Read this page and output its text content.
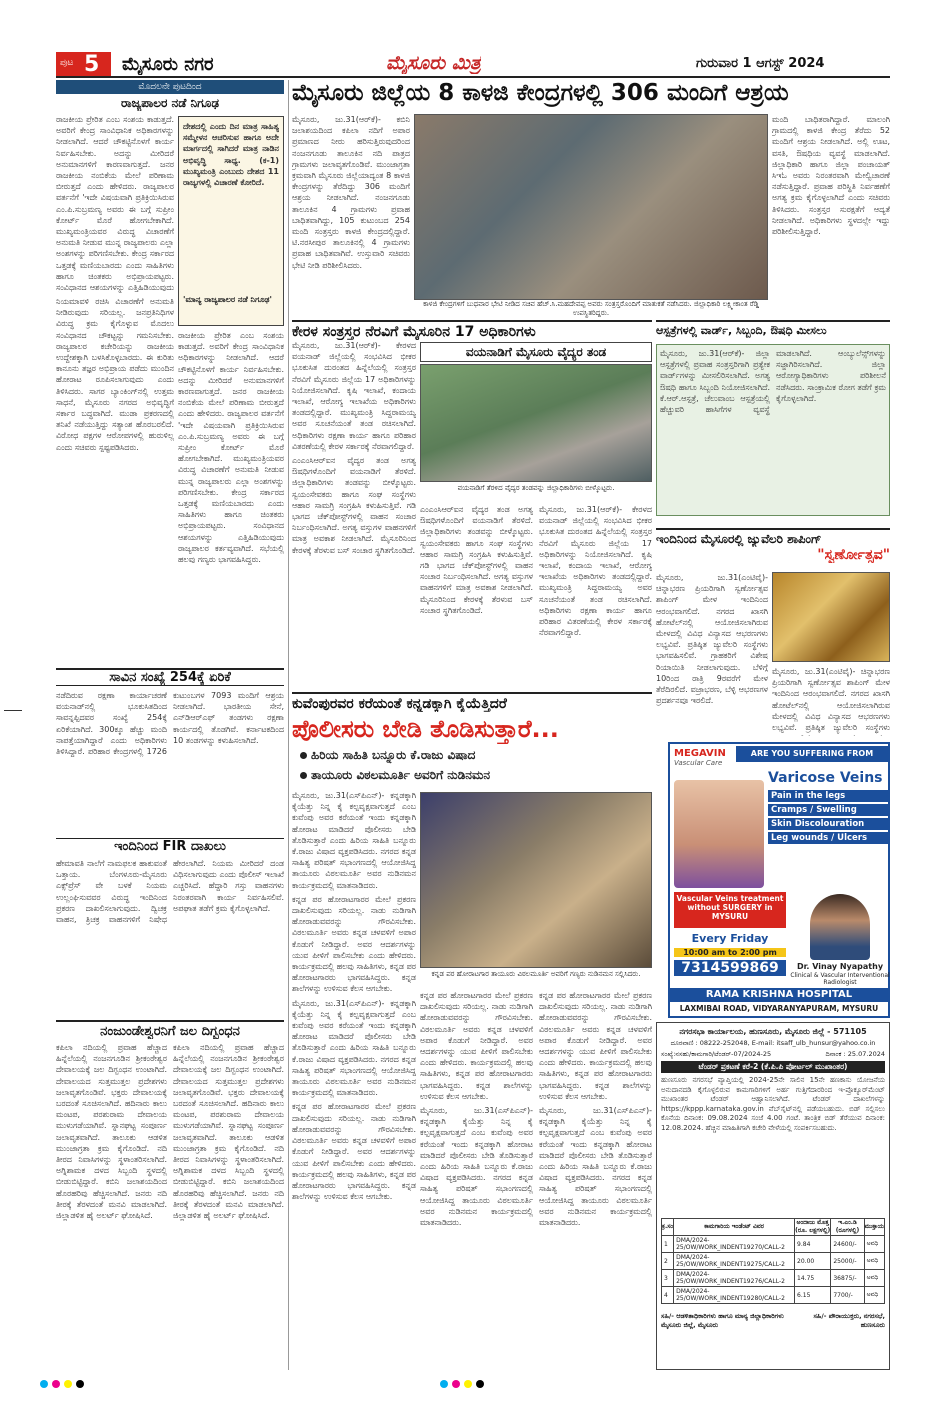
ಪುಟ 5 ಮೈಸೂರು ನಗರ	ಮೈಸೂರು ಮಿತ್ರ	ಗುರುವಾರ 1 ಆಗಸ್ಟ್ 2024
ಮೊದಲನೇ ಪುಟದಿಂದ
ರಾಜ್ಯಪಾಲರ ನಡೆ ನಿಗೂಢ

ರಾಜಕೀಯ ಪ್ರೇರಿತ ಎಂಬ ಸಂಶಯ ಕಾಡುತ್ತದೆ. ಅವರಿಗೆ ಕೇಂದ್ರ ಸಾಂವಿಧಾನಿಕ ಅಧಿಕಾರಗಳನ್ನು ನೀಡಲಾಗಿದೆ. ಆದರೆ ಚೌಕಟ್ಟಿನೊಳಗೆ ಕಾರ್ಯ ನಿರ್ವಹಿಸಬೇಕು. ಅದನ್ನು ಮೀರಿದರೆ ಅನುಮಾನಗಳಿಗೆ ಕಾರಣವಾಗುತ್ತದೆ. ಜನರ ರಾಜಕೀಯ ನಂಬಿಕೆಯ ಮೇಲೆ ಪರಿಣಾಮ ಬೀರುತ್ತದೆ ಎಂದು ಹೇಳಿದರು. ರಾಜ್ಯಪಾಲರ ವರ್ತನೆಗೆ 'ಇದೇ ವಿಷಯವಾಗಿ ಪ್ರತಿಕ್ರಿಯಿಸಿರುವ ಎಂ.ಪಿ.ಸುಬ್ರಮಣ್ಯ ಅವರು ಈ ಬಗ್ಗೆ ಸುಪ್ರೀಂ ಕೋರ್ಟ್ ಮೊರೆ ಹೋಗಬೇಕಾಗಿದೆ. ಮುಖ್ಯಮಂತ್ರಿಯವರ ವಿರುದ್ಧ ವಿಚಾರಣೆಗೆ ಅನುಮತಿ ನೀಡುವ ಮುನ್ನ ರಾಜ್ಯಪಾಲರು ಎಲ್ಲಾ ಅಂಶಗಳನ್ನು ಪರಿಗಣಿಸಬೇಕು. ಕೇಂದ್ರ ಸರ್ಕಾರದ ಒತ್ತಡಕ್ಕೆ ಮಣಿಯಬಾರದು ಎಂದು ಸಾಹಿತಿಗಳು ಹಾಗೂ ಚಿಂತಕರು ಅಭಿಪ್ರಾಯಪಟ್ಟರು. ಸಂವಿಧಾನದ ಆಶಯಗಳನ್ನು ಎತ್ತಿಹಿಡಿಯುವುದು

ದೇಶದಲ್ಲಿ ಎಂದು ದಿನ ಮಾತ್ರ ಸಾಹಿತ್ಯ ಸಮ್ಮೇಳನ ಆಚರಿಸುವ ಹಾಗೂ ಅದೇ ಮಾರ್ಗದಲ್ಲಿ ಸಾಗಿದರೆ ಮಾತ್ರ ನಾಡಿನ ಅಭಿವೃದ್ಧಿ ಸಾಧ್ಯ. (ಕ-1) ಮುಖ್ಯಮಂತ್ರಿ ಎಂಬುದು ದೇಶದ 11 ರಾಜ್ಯಗಳಲ್ಲಿ ವಿಚಾರಣೆ ಕೋರಿದೆ.
'ಮಾನ್ಯ ರಾಜ್ಯಪಾಲರ ನಡೆ ನಿಗೂಢ'

ನಿಯಮಾವಳಿ ರಚಿಸಿ ವಿಚಾರಣೆಗೆ ಅನುಮತಿ ನೀಡಿರುವುದು ಸರಿಯಲ್ಲ. ಜನಪ್ರತಿನಿಧಿಗಳ ವಿರುದ್ಧ ಕ್ರಮ ಕೈಗೊಳ್ಳುವ ಮೊದಲು ಸಂವಿಧಾನದ ಚೌಕಟ್ಟನ್ನು ಗಮನಿಸಬೇಕು. ರಾಜ್ಯಪಾಲರ ಕಚೇರಿಯನ್ನು ರಾಜಕೀಯ ಉದ್ದೇಶಕ್ಕಾಗಿ ಬಳಸಿಕೊಳ್ಳಬಾರದು. ಈ ಕುರಿತು ಕಾನೂನು ತಜ್ಞರ ಅಭಿಪ್ರಾಯ ಪಡೆದು ಮುಂದಿನ ಹೋರಾಟ ರೂಪಿಸಲಾಗುವುದು ಎಂದು ತಿಳಿಸಿದರು. ಸಾಗರ ಬ್ಯಾಂಕಿಂಗ್‌ನಲ್ಲಿ ಉತ್ತಮ ಸಾಧನೆ, ಮೈಸೂರು ನಗರದ ಅಭಿವೃದ್ಧಿಗೆ ಸರ್ಕಾರ ಬದ್ಧವಾಗಿದೆ. ಮುಡಾ ಪ್ರಕರಣದಲ್ಲಿ ತನಿಖೆ ನಡೆಯುತ್ತಿದ್ದು ಸತ್ಯಾಂಶ ಹೊರಬರಲಿದೆ. ವಿರೋಧ ಪಕ್ಷಗಳ ಆರೋಪಗಳಲ್ಲಿ ಹುರುಳಿಲ್ಲ ಎಂದು ಸಚಿವರು ಸ್ಪಷ್ಟಪಡಿಸಿದರು.

ರಾಜಕೀಯ ಪ್ರೇರಿತ ಎಂಬ ಸಂಶಯ ಕಾಡುತ್ತದೆ. ಅವರಿಗೆ ಕೇಂದ್ರ ಸಾಂವಿಧಾನಿಕ ಅಧಿಕಾರಗಳನ್ನು ನೀಡಲಾಗಿದೆ. ಆದರೆ ಚೌಕಟ್ಟಿನೊಳಗೆ ಕಾರ್ಯ ನಿರ್ವಹಿಸಬೇಕು. ಅದನ್ನು ಮೀರಿದರೆ ಅನುಮಾನಗಳಿಗೆ ಕಾರಣವಾಗುತ್ತದೆ. ಜನರ ರಾಜಕೀಯ ನಂಬಿಕೆಯ ಮೇಲೆ ಪರಿಣಾಮ ಬೀರುತ್ತದೆ ಎಂದು ಹೇಳಿದರು. ರಾಜ್ಯಪಾಲರ ವರ್ತನೆಗೆ 'ಇದೇ ವಿಷಯವಾಗಿ ಪ್ರತಿಕ್ರಿಯಿಸಿರುವ ಎಂ.ಪಿ.ಸುಬ್ರಮಣ್ಯ ಅವರು ಈ ಬಗ್ಗೆ ಸುಪ್ರೀಂ ಕೋರ್ಟ್ ಮೊರೆ ಹೋಗಬೇಕಾಗಿದೆ. ಮುಖ್ಯಮಂತ್ರಿಯವರ ವಿರುದ್ಧ ವಿಚಾರಣೆಗೆ ಅನುಮತಿ ನೀಡುವ ಮುನ್ನ ರಾಜ್ಯಪಾಲರು ಎಲ್ಲಾ ಅಂಶಗಳನ್ನು ಪರಿಗಣಿಸಬೇಕು. ಕೇಂದ್ರ ಸರ್ಕಾರದ ಒತ್ತಡಕ್ಕೆ ಮಣಿಯಬಾರದು ಎಂದು ಸಾಹಿತಿಗಳು ಹಾಗೂ ಚಿಂತಕರು ಅಭಿಪ್ರಾಯಪಟ್ಟರು. ಸಂವಿಧಾನದ ಆಶಯಗಳನ್ನು ಎತ್ತಿಹಿಡಿಯುವುದು ರಾಜ್ಯಪಾಲರ ಕರ್ತವ್ಯವಾಗಿದೆ. ಸಭೆಯಲ್ಲಿ ಹಲವು ಗಣ್ಯರು ಭಾಗವಹಿಸಿದ್ದರು.

ಸಾವಿನ ಸಂಖ್ಯೆ 254ಕ್ಕೆ ಏರಿಕೆ

ನಡೆದಿರುವ ರಕ್ಷಣಾ ಕಾರ್ಯಾಚರಣೆ ವಯನಾಡ್‌ನಲ್ಲಿ ಭೂಕುಸಿತದಿಂದ ಸಾವನ್ನಪ್ಪಿದವರ ಸಂಖ್ಯೆ 254ಕ್ಕೆ ಏರಿಕೆಯಾಗಿದೆ. 300ಕ್ಕೂ ಹೆಚ್ಚು ಮಂದಿ ನಾಪತ್ತೆಯಾಗಿದ್ದಾರೆ ಎಂದು ಅಧಿಕಾರಿಗಳು ತಿಳಿಸಿದ್ದಾರೆ. ಪರಿಹಾರ ಕೇಂದ್ರಗಳಲ್ಲಿ 1726 ಕುಟುಂಬಗಳ 7093 ಮಂದಿಗೆ ಆಶ್ರಯ ನೀಡಲಾಗಿದೆ. ಭಾರತೀಯ ಸೇನೆ, ಎನ್‌ಡಿಆರ್‌ಎಫ್ ತಂಡಗಳು ರಕ್ಷಣಾ ಕಾರ್ಯದಲ್ಲಿ ತೊಡಗಿವೆ. ಕರ್ನಾಟಕದಿಂದ 10 ತಂಡಗಳನ್ನು ಕಳುಹಿಸಲಾಗಿದೆ.

ಇಂದಿನಿಂದ FIR ದಾಖಲು

ಹೇಮಾವತಿ ನಾಲೆಗೆ ನಾಮಫಲಕ ಹಾಕುವಂತೆ ಒತ್ತಾಯ. ಬೆಂಗಳೂರು-ಮೈಸೂರು ಎಕ್ಸ್‌ಪ್ರೆಸ್ ವೇ ಬಳಕೆ ನಿಯಮ ಉಲ್ಲಂಘಿಸುವವರ ವಿರುದ್ಧ ಇಂದಿನಿಂದ ಪ್ರಕರಣ ದಾಖಲಿಸಲಾಗುವುದು. ದ್ವಿಚಕ್ರ ವಾಹನ, ತ್ರಿಚಕ್ರ ವಾಹನಗಳಿಗೆ ನಿಷೇಧ ಹೇರಲಾಗಿದೆ. ನಿಯಮ ಮೀರಿದರೆ ದಂಡ ವಿಧಿಸಲಾಗುವುದು ಎಂದು ಪೊಲೀಸ್ ಇಲಾಖೆ ಎಚ್ಚರಿಸಿದೆ. ಹೆದ್ದಾರಿ ಗಸ್ತು ವಾಹನಗಳು ನಿರಂತರವಾಗಿ ಕಾರ್ಯ ನಿರ್ವಹಿಸಲಿವೆ. ಅಪಘಾತ ತಡೆಗೆ ಕ್ರಮ ಕೈಗೊಳ್ಳಲಾಗಿದೆ.

ನಂಜುಂಡೇಶ್ವರನಿಗೆ ಜಲ ದಿಗ್ಬಂಧನ

ಕಪಿಲಾ ನದಿಯಲ್ಲಿ ಪ್ರವಾಹ ಹೆಚ್ಚಾದ ಹಿನ್ನೆಲೆಯಲ್ಲಿ ನಂಜನಗೂಡಿನ ಶ್ರೀಕಂಠೇಶ್ವರ ದೇವಾಲಯಕ್ಕೆ ಜಲ ದಿಗ್ಬಂಧನ ಉಂಟಾಗಿದೆ. ದೇವಾಲಯದ ಸುತ್ತಮುತ್ತಲ ಪ್ರದೇಶಗಳು ಜಲಾವೃತಗೊಂಡಿವೆ. ಭಕ್ತರು ದೇವಾಲಯಕ್ಕೆ ಬರದಂತೆ ಸೂಚಿಸಲಾಗಿದೆ. ಹದಿನಾರು ಕಾಲು ಮಂಟಪ, ಪರಶುರಾಮ ದೇವಾಲಯ ಮುಳುಗಡೆಯಾಗಿವೆ. ಸ್ನಾನಘಟ್ಟ ಸಂಪೂರ್ಣ ಜಲಾವೃತವಾಗಿದೆ. ತಾಲೂಕು ಆಡಳಿತ ಮುಂಜಾಗ್ರತಾ ಕ್ರಮ ಕೈಗೊಂಡಿದೆ. ನದಿ ತೀರದ ನಿವಾಸಿಗಳನ್ನು ಸ್ಥಳಾಂತರಿಸಲಾಗಿದೆ. ಅಗ್ನಿಶಾಮಕ ದಳದ ಸಿಬ್ಬಂದಿ ಸ್ಥಳದಲ್ಲಿ ಬೀಡುಬಿಟ್ಟಿದ್ದಾರೆ. ಕಬಿನಿ ಜಲಾಶಯದಿಂದ ಹೊರಹರಿವು ಹೆಚ್ಚಿಸಲಾಗಿದೆ. ಜನರು ನದಿ ತೀರಕ್ಕೆ ತೆರಳದಂತೆ ಮನವಿ ಮಾಡಲಾಗಿದೆ. ಜಿಲ್ಲಾಡಳಿತ ಹೈ ಅಲರ್ಟ್ ಘೋಷಿಸಿದೆ.

ಕಪಿಲಾ ನದಿಯಲ್ಲಿ ಪ್ರವಾಹ ಹೆಚ್ಚಾದ ಹಿನ್ನೆಲೆಯಲ್ಲಿ ನಂಜನಗೂಡಿನ ಶ್ರೀಕಂಠೇಶ್ವರ ದೇವಾಲಯಕ್ಕೆ ಜಲ ದಿಗ್ಬಂಧನ ಉಂಟಾಗಿದೆ. ದೇವಾಲಯದ ಸುತ್ತಮುತ್ತಲ ಪ್ರದೇಶಗಳು ಜಲಾವೃತಗೊಂಡಿವೆ. ಭಕ್ತರು ದೇವಾಲಯಕ್ಕೆ ಬರದಂತೆ ಸೂಚಿಸಲಾಗಿದೆ. ಹದಿನಾರು ಕಾಲು ಮಂಟಪ, ಪರಶುರಾಮ ದೇವಾಲಯ ಮುಳುಗಡೆಯಾಗಿವೆ. ಸ್ನಾನಘಟ್ಟ ಸಂಪೂರ್ಣ ಜಲಾವೃತವಾಗಿದೆ. ತಾಲೂಕು ಆಡಳಿತ ಮುಂಜಾಗ್ರತಾ ಕ್ರಮ ಕೈಗೊಂಡಿದೆ. ನದಿ ತೀರದ ನಿವಾಸಿಗಳನ್ನು ಸ್ಥಳಾಂತರಿಸಲಾಗಿದೆ. ಅಗ್ನಿಶಾಮಕ ದಳದ ಸಿಬ್ಬಂದಿ ಸ್ಥಳದಲ್ಲಿ ಬೀಡುಬಿಟ್ಟಿದ್ದಾರೆ. ಕಬಿನಿ ಜಲಾಶಯದಿಂದ ಹೊರಹರಿವು ಹೆಚ್ಚಿಸಲಾಗಿದೆ. ಜನರು ನದಿ ತೀರಕ್ಕೆ ತೆರಳದಂತೆ ಮನವಿ ಮಾಡಲಾಗಿದೆ. ಜಿಲ್ಲಾಡಳಿತ ಹೈ ಅಲರ್ಟ್ ಘೋಷಿಸಿದೆ.

ಮೈಸೂರು ಜಿಲ್ಲೆಯ 8 ಕಾಳಜಿ ಕೇಂದ್ರಗಳಲ್ಲಿ 306 ಮಂದಿಗೆ ಆಶ್ರಯ

ಮೈಸೂರು, ಜು.31(ಆರ್‌ಕೆ)- ಕಬಿನಿ ಜಲಾಶಯದಿಂದ ಕಪಿಲಾ ನದಿಗೆ ಅಪಾರ ಪ್ರಮಾಣದ ನೀರು ಹರಿಸುತ್ತಿರುವುದರಿಂದ ನಂಜನಗೂಡು ತಾಲೂಕಿನ ನದಿ ಪಾತ್ರದ ಗ್ರಾಮಗಳು ಜಲಾವೃತಗೊಂಡಿವೆ. ಮುಂಜಾಗ್ರತಾ ಕ್ರಮವಾಗಿ ಮೈಸೂರು ಜಿಲ್ಲೆಯಾದ್ಯಂತ 8 ಕಾಳಜಿ ಕೇಂದ್ರಗಳನ್ನು ತೆರೆದಿದ್ದು 306 ಮಂದಿಗೆ ಆಶ್ರಯ ನೀಡಲಾಗಿದೆ. ನಂಜನಗೂಡು ತಾಲೂಕಿನ 4 ಗ್ರಾಮಗಳು ಪ್ರವಾಹ ಬಾಧಿತವಾಗಿದ್ದು, 105 ಕುಟುಂಬದ 254 ಮಂದಿ ಸಂತ್ರಸ್ತರು ಕಾಳಜಿ ಕೇಂದ್ರದಲ್ಲಿದ್ದಾರೆ. ಟಿ.ನರಸೀಪುರ ತಾಲೂಕಿನಲ್ಲಿ 4 ಗ್ರಾಮಗಳು ಪ್ರವಾಹ ಬಾಧಿತವಾಗಿವೆ. ಉಸ್ತುವಾರಿ ಸಚಿವರು ಭೇಟಿ ನೀಡಿ ಪರಿಶೀಲಿಸಿದರು.

ಕಾಳಜಿ ಕೇಂದ್ರಗಳಿಗೆ ಬುಧವಾರ ಭೇಟಿ ನೀಡಿದ ಸಚಿವ ಹೆಚ್.ಸಿ.ಮಹದೇವಪ್ಪ ಅವರು ಸಂತ್ರಸ್ತರೊಂದಿಗೆ ಮಾತುಕತೆ ನಡೆಸಿದರು. ಜಿಲ್ಲಾಧಿಕಾರಿ ಲಕ್ಷ್ಮೀಕಾಂತ ರೆಡ್ಡಿ ಉಪಸ್ಥಿತರಿದ್ದರು.

ಮಂದಿ ಬಾಧಿತರಾಗಿದ್ದಾರೆ. ಮಾಲಂಗಿ ಗ್ರಾಮದಲ್ಲಿ ಕಾಳಜಿ ಕೇಂದ್ರ ತೆರೆದು 52 ಮಂದಿಗೆ ಆಶ್ರಯ ನೀಡಲಾಗಿದೆ. ಅಲ್ಲಿ ಊಟ, ವಸತಿ, ಔಷಧಿಯ ವ್ಯವಸ್ಥೆ ಮಾಡಲಾಗಿದೆ. ಜಿಲ್ಲಾಧಿಕಾರಿ ಹಾಗೂ ಜಿಲ್ಲಾ ಪಂಚಾಯತ್ ಸಿಇಓ ಅವರು ನಿರಂತರವಾಗಿ ಮೇಲ್ವಿಚಾರಣೆ ನಡೆಸುತ್ತಿದ್ದಾರೆ. ಪ್ರವಾಹ ಪರಿಸ್ಥಿತಿ ನಿರ್ವಹಣೆಗೆ ಅಗತ್ಯ ಕ್ರಮ ಕೈಗೊಳ್ಳಲಾಗಿದೆ ಎಂದು ಸಚಿವರು ತಿಳಿಸಿದರು. ಸಂತ್ರಸ್ತರ ಸುರಕ್ಷತೆಗೆ ಆದ್ಯತೆ ನೀಡಲಾಗಿದೆ. ಅಧಿಕಾರಿಗಳು ಸ್ಥಳದಲ್ಲೇ ಇದ್ದು ಪರಿಶೀಲಿಸುತ್ತಿದ್ದಾರೆ.

ಕೇರಳ ಸಂತ್ರಸ್ತರ ನೆರವಿಗೆ ಮೈಸೂರಿನ 17 ಅಧಿಕಾರಿಗಳು

ಮೈಸೂರು, ಜು.31(ಆರ್‌ಕೆ)- ಕೇರಳದ ವಯನಾಡ್ ಜಿಲ್ಲೆಯಲ್ಲಿ ಸಂಭವಿಸಿದ ಭೀಕರ ಭೂಕುಸಿತ ದುರಂತದ ಹಿನ್ನೆಲೆಯಲ್ಲಿ ಸಂತ್ರಸ್ತರ ನೆರವಿಗೆ ಮೈಸೂರು ಜಿಲ್ಲೆಯ 17 ಅಧಿಕಾರಿಗಳನ್ನು ನಿಯೋಜಿಸಲಾಗಿದೆ. ಕೃಷಿ ಇಲಾಖೆ, ಕಂದಾಯ ಇಲಾಖೆ, ಆರೋಗ್ಯ ಇಲಾಖೆಯ ಅಧಿಕಾರಿಗಳು ತಂಡದಲ್ಲಿದ್ದಾರೆ. ಮುಖ್ಯಮಂತ್ರಿ ಸಿದ್ದರಾಮಯ್ಯ ಅವರ ಸೂಚನೆಯಂತೆ ತಂಡ ರಚಿಸಲಾಗಿದೆ. ಅಧಿಕಾರಿಗಳು ರಕ್ಷಣಾ ಕಾರ್ಯ ಹಾಗೂ ಪರಿಹಾರ ವಿತರಣೆಯಲ್ಲಿ ಕೇರಳ ಸರ್ಕಾರಕ್ಕೆ ನೆರವಾಗಲಿದ್ದಾರೆ.

ಎಂಎಂಸಿಆರ್‌ಐನ ವೈದ್ಯರ ತಂಡ ಅಗತ್ಯ ಔಷಧಿಗಳೊಂದಿಗೆ ವಯನಾಡಿಗೆ ತೆರಳಿದೆ. ಜಿಲ್ಲಾಧಿಕಾರಿಗಳು ತಂಡವನ್ನು ಬೀಳ್ಕೊಟ್ಟರು. ಸ್ವಯಂಸೇವಕರು ಹಾಗೂ ಸಂಘ ಸಂಸ್ಥೆಗಳು ಆಹಾರ ಸಾಮಗ್ರಿ ಸಂಗ್ರಹಿಸಿ ಕಳುಹಿಸುತ್ತಿವೆ. ಗಡಿ ಭಾಗದ ಚೆಕ್‌ಪೋಸ್ಟ್‌ಗಳಲ್ಲಿ ವಾಹನ ಸಂಚಾರ ನಿರ್ಬಂಧಿಸಲಾಗಿದೆ. ಅಗತ್ಯ ವಸ್ತುಗಳ ವಾಹನಗಳಿಗೆ ಮಾತ್ರ ಅವಕಾಶ ನೀಡಲಾಗಿದೆ. ಮೈಸೂರಿನಿಂದ ಕೇರಳಕ್ಕೆ ತೆರಳುವ ಬಸ್ ಸಂಚಾರ ಸ್ಥಗಿತಗೊಂಡಿದೆ.

ವಯನಾಡಿಗೆ ಮೈಸೂರು ವೈದ್ಯರ ತಂಡ
ವಯನಾಡಿಗೆ ತೆರಳಿದ ವೈದ್ಯರ ತಂಡವನ್ನು ಜಿಲ್ಲಾಧಿಕಾರಿಗಳು ಬೀಳ್ಕೊಟ್ಟರು.

ಎಂಎಂಸಿಆರ್‌ಐನ ವೈದ್ಯರ ತಂಡ ಅಗತ್ಯ ಔಷಧಿಗಳೊಂದಿಗೆ ವಯನಾಡಿಗೆ ತೆರಳಿದೆ. ಜಿಲ್ಲಾಧಿಕಾರಿಗಳು ತಂಡವನ್ನು ಬೀಳ್ಕೊಟ್ಟರು. ಸ್ವಯಂಸೇವಕರು ಹಾಗೂ ಸಂಘ ಸಂಸ್ಥೆಗಳು ಆಹಾರ ಸಾಮಗ್ರಿ ಸಂಗ್ರಹಿಸಿ ಕಳುಹಿಸುತ್ತಿವೆ. ಗಡಿ ಭಾಗದ ಚೆಕ್‌ಪೋಸ್ಟ್‌ಗಳಲ್ಲಿ ವಾಹನ ಸಂಚಾರ ನಿರ್ಬಂಧಿಸಲಾಗಿದೆ. ಅಗತ್ಯ ವಸ್ತುಗಳ ವಾಹನಗಳಿಗೆ ಮಾತ್ರ ಅವಕಾಶ ನೀಡಲಾಗಿದೆ. ಮೈಸೂರಿನಿಂದ ಕೇರಳಕ್ಕೆ ತೆರಳುವ ಬಸ್ ಸಂಚಾರ ಸ್ಥಗಿತಗೊಂಡಿದೆ.

ಮೈಸೂರು, ಜು.31(ಆರ್‌ಕೆ)- ಕೇರಳದ ವಯನಾಡ್ ಜಿಲ್ಲೆಯಲ್ಲಿ ಸಂಭವಿಸಿದ ಭೀಕರ ಭೂಕುಸಿತ ದುರಂತದ ಹಿನ್ನೆಲೆಯಲ್ಲಿ ಸಂತ್ರಸ್ತರ ನೆರವಿಗೆ ಮೈಸೂರು ಜಿಲ್ಲೆಯ 17 ಅಧಿಕಾರಿಗಳನ್ನು ನಿಯೋಜಿಸಲಾಗಿದೆ. ಕೃಷಿ ಇಲಾಖೆ, ಕಂದಾಯ ಇಲಾಖೆ, ಆರೋಗ್ಯ ಇಲಾಖೆಯ ಅಧಿಕಾರಿಗಳು ತಂಡದಲ್ಲಿದ್ದಾರೆ. ಮುಖ್ಯಮಂತ್ರಿ ಸಿದ್ದರಾಮಯ್ಯ ಅವರ ಸೂಚನೆಯಂತೆ ತಂಡ ರಚಿಸಲಾಗಿದೆ. ಅಧಿಕಾರಿಗಳು ರಕ್ಷಣಾ ಕಾರ್ಯ ಹಾಗೂ ಪರಿಹಾರ ವಿತರಣೆಯಲ್ಲಿ ಕೇರಳ ಸರ್ಕಾರಕ್ಕೆ ನೆರವಾಗಲಿದ್ದಾರೆ.

ಆಸ್ಪತ್ರೆಗಳಲ್ಲಿ ವಾರ್ಡ್, ಸಿಬ್ಬಂದಿ, ಔಷಧಿ ಮೀಸಲು

ಮೈಸೂರು, ಜು.31(ಆರ್‌ಕೆ)- ಜಿಲ್ಲಾ ಆಸ್ಪತ್ರೆಗಳಲ್ಲಿ ಪ್ರವಾಹ ಸಂತ್ರಸ್ತರಿಗಾಗಿ ಪ್ರತ್ಯೇಕ ವಾರ್ಡ್‌ಗಳನ್ನು ಮೀಸಲಿರಿಸಲಾಗಿದೆ. ಅಗತ್ಯ ಔಷಧಿ ಹಾಗೂ ಸಿಬ್ಬಂದಿ ನಿಯೋಜಿಸಲಾಗಿದೆ. ಕೆ.ಆರ್.ಆಸ್ಪತ್ರೆ, ಚೆಲುವಾಂಬ ಆಸ್ಪತ್ರೆಯಲ್ಲಿ ಹೆಚ್ಚುವರಿ ಹಾಸಿಗೆಗಳ ವ್ಯವಸ್ಥೆ ಮಾಡಲಾಗಿದೆ. ಆಂಬ್ಯುಲೆನ್ಸ್‌ಗಳನ್ನು ಸಜ್ಜಾಗಿರಿಸಲಾಗಿದೆ. ಜಿಲ್ಲಾ ಆರೋಗ್ಯಾಧಿಕಾರಿಗಳು ಪರಿಶೀಲನೆ ನಡೆಸಿದರು. ಸಾಂಕ್ರಾಮಿಕ ರೋಗ ತಡೆಗೆ ಕ್ರಮ ಕೈಗೊಳ್ಳಲಾಗಿದೆ.

ಇಂದಿನಿಂದ ಮೈಸೂರಲ್ಲಿ ಜ್ಯುವೆಲರಿ ಶಾಪಿಂಗ್
"ಸ್ವರ್ಣೋತ್ಸವ"

ಮೈಸೂರು, ಜು.31(ಎಂಟಿವೈ)- ಚಿನ್ನಾಭರಣ ಪ್ರಿಯರಿಗಾಗಿ ಸ್ವರ್ಣೋತ್ಸವ ಶಾಪಿಂಗ್ ಮೇಳ ಇಂದಿನಿಂದ ಆರಂಭವಾಗಲಿದೆ. ನಗರದ ಖಾಸಗಿ ಹೋಟೆಲ್‌ನಲ್ಲಿ ಆಯೋಜಿಸಲಾಗಿರುವ ಮೇಳದಲ್ಲಿ ವಿವಿಧ ವಿನ್ಯಾಸದ ಆಭರಣಗಳು ಲಭ್ಯವಿವೆ. ಪ್ರತಿಷ್ಠಿತ ಜ್ಯುವೆಲರಿ ಸಂಸ್ಥೆಗಳು ಭಾಗವಹಿಸಲಿವೆ. ಗ್ರಾಹಕರಿಗೆ ವಿಶೇಷ ರಿಯಾಯಿತಿ ನೀಡಲಾಗುವುದು. ಬೆಳಿಗ್ಗೆ 10ರಿಂದ ರಾತ್ರಿ 9ರವರೆಗೆ ಮೇಳ ತೆರೆದಿರಲಿದೆ. ವಜ್ರಾಭರಣ, ಬೆಳ್ಳಿ ಆಭರಣಗಳ ಪ್ರದರ್ಶನವೂ ಇರಲಿದೆ.

ಮೈಸೂರು, ಜು.31(ಎಂಟಿವೈ)- ಚಿನ್ನಾಭರಣ ಪ್ರಿಯರಿಗಾಗಿ ಸ್ವರ್ಣೋತ್ಸವ ಶಾಪಿಂಗ್ ಮೇಳ ಇಂದಿನಿಂದ ಆರಂಭವಾಗಲಿದೆ. ನಗರದ ಖಾಸಗಿ ಹೋಟೆಲ್‌ನಲ್ಲಿ ಆಯೋಜಿಸಲಾಗಿರುವ ಮೇಳದಲ್ಲಿ ವಿವಿಧ ವಿನ್ಯಾಸದ ಆಭರಣಗಳು ಲಭ್ಯವಿವೆ. ಪ್ರತಿಷ್ಠಿತ ಜ್ಯುವೆಲರಿ ಸಂಸ್ಥೆಗಳು

ಕುವೆಂಪುರವರ ಕರೆಯಂತೆ ಕನ್ನಡಕ್ಕಾಗಿ ಕೈಯೆತ್ತಿದರೆ
ಪೊಲೀಸರು ಬೇಡಿ ತೊಡಿಸುತ್ತಾರೆ...
ಹಿರಿಯ ಸಾಹಿತಿ ಬನ್ನೂರು ಕೆ.ರಾಜು ವಿಷಾದ
ತಾಯೂರು ವಿಠಲಮೂರ್ತಿ ಅವರಿಗೆ ನುಡಿನಮನ

ಮೈಸೂರು, ಜು.31(ಎಸ್‌ಪಿಎನ್)- ಕನ್ನಡಕ್ಕಾಗಿ ಕೈಯೆತ್ತು ನಿನ್ನ ಕೈ ಕಲ್ಪವೃಕ್ಷವಾಗುತ್ತದೆ ಎಂಬ ಕುವೆಂಪು ಅವರ ಕರೆಯಂತೆ ಇಂದು ಕನ್ನಡಕ್ಕಾಗಿ ಹೋರಾಟ ಮಾಡಿದರೆ ಪೊಲೀಸರು ಬೇಡಿ ತೊಡಿಸುತ್ತಾರೆ ಎಂದು ಹಿರಿಯ ಸಾಹಿತಿ ಬನ್ನೂರು ಕೆ.ರಾಜು ವಿಷಾದ ವ್ಯಕ್ತಪಡಿಸಿದರು. ನಗರದ ಕನ್ನಡ ಸಾಹಿತ್ಯ ಪರಿಷತ್ ಸಭಾಂಗಣದಲ್ಲಿ ಆಯೋಜಿಸಿದ್ದ ತಾಯೂರು ವಿಠಲಮೂರ್ತಿ ಅವರ ನುಡಿನಮನ ಕಾರ್ಯಕ್ರಮದಲ್ಲಿ ಮಾತನಾಡಿದರು.

ಕನ್ನಡ ಪರ ಹೋರಾಟಗಾರರ ಮೇಲೆ ಪ್ರಕರಣ ದಾಖಲಿಸುವುದು ಸರಿಯಲ್ಲ. ನಾಡು ನುಡಿಗಾಗಿ ಹೋರಾಡುವವರನ್ನು ಗೌರವಿಸಬೇಕು. ವಿಠಲಮೂರ್ತಿ ಅವರು ಕನ್ನಡ ಚಳವಳಿಗೆ ಅಪಾರ ಕೊಡುಗೆ ನೀಡಿದ್ದಾರೆ. ಅವರ ಆದರ್ಶಗಳನ್ನು ಯುವ ಪೀಳಿಗೆ ಪಾಲಿಸಬೇಕು ಎಂದು ಹೇಳಿದರು. ಕಾರ್ಯಕ್ರಮದಲ್ಲಿ ಹಲವು ಸಾಹಿತಿಗಳು, ಕನ್ನಡ ಪರ ಹೋರಾಟಗಾರರು ಭಾಗವಹಿಸಿದ್ದರು. ಕನ್ನಡ ಶಾಲೆಗಳನ್ನು ಉಳಿಸುವ ಕೆಲಸ ಆಗಬೇಕು.

ಮೈಸೂರು, ಜು.31(ಎಸ್‌ಪಿಎನ್)- ಕನ್ನಡಕ್ಕಾಗಿ ಕೈಯೆತ್ತು ನಿನ್ನ ಕೈ ಕಲ್ಪವೃಕ್ಷವಾಗುತ್ತದೆ ಎಂಬ ಕುವೆಂಪು ಅವರ ಕರೆಯಂತೆ ಇಂದು ಕನ್ನಡಕ್ಕಾಗಿ ಹೋರಾಟ ಮಾಡಿದರೆ ಪೊಲೀಸರು ಬೇಡಿ ತೊಡಿಸುತ್ತಾರೆ ಎಂದು ಹಿರಿಯ ಸಾಹಿತಿ ಬನ್ನೂರು ಕೆ.ರಾಜು ವಿಷಾದ ವ್ಯಕ್ತಪಡಿಸಿದರು. ನಗರದ ಕನ್ನಡ ಸಾಹಿತ್ಯ ಪರಿಷತ್ ಸಭಾಂಗಣದಲ್ಲಿ ಆಯೋಜಿಸಿದ್ದ ತಾಯೂರು ವಿಠಲಮೂರ್ತಿ ಅವರ ನುಡಿನಮನ ಕಾರ್ಯಕ್ರಮದಲ್ಲಿ ಮಾತನಾಡಿದರು.

ಕನ್ನಡ ಪರ ಹೋರಾಟಗಾರರ ಮೇಲೆ ಪ್ರಕರಣ ದಾಖಲಿಸುವುದು ಸರಿಯಲ್ಲ. ನಾಡು ನುಡಿಗಾಗಿ ಹೋರಾಡುವವರನ್ನು ಗೌರವಿಸಬೇಕು. ವಿಠಲಮೂರ್ತಿ ಅವರು ಕನ್ನಡ ಚಳವಳಿಗೆ ಅಪಾರ ಕೊಡುಗೆ ನೀಡಿದ್ದಾರೆ. ಅವರ ಆದರ್ಶಗಳನ್ನು ಯುವ ಪೀಳಿಗೆ ಪಾಲಿಸಬೇಕು ಎಂದು ಹೇಳಿದರು. ಕಾರ್ಯಕ್ರಮದಲ್ಲಿ ಹಲವು ಸಾಹಿತಿಗಳು, ಕನ್ನಡ ಪರ ಹೋರಾಟಗಾರರು ಭಾಗವಹಿಸಿದ್ದರು. ಕನ್ನಡ ಶಾಲೆಗಳನ್ನು ಉಳಿಸುವ ಕೆಲಸ ಆಗಬೇಕು.

ಕನ್ನಡ ಪರ ಹೋರಾಟಗಾರ ತಾಯೂರು ವಿಠಲಮೂರ್ತಿ ಅವರಿಗೆ ಗಣ್ಯರು ನುಡಿನಮನ ಸಲ್ಲಿಸಿದರು.

ಕನ್ನಡ ಪರ ಹೋರಾಟಗಾರರ ಮೇಲೆ ಪ್ರಕರಣ ದಾಖಲಿಸುವುದು ಸರಿಯಲ್ಲ. ನಾಡು ನುಡಿಗಾಗಿ ಹೋರಾಡುವವರನ್ನು ಗೌರವಿಸಬೇಕು. ವಿಠಲಮೂರ್ತಿ ಅವರು ಕನ್ನಡ ಚಳವಳಿಗೆ ಅಪಾರ ಕೊಡುಗೆ ನೀಡಿದ್ದಾರೆ. ಅವರ ಆದರ್ಶಗಳನ್ನು ಯುವ ಪೀಳಿಗೆ ಪಾಲಿಸಬೇಕು ಎಂದು ಹೇಳಿದರು. ಕಾರ್ಯಕ್ರಮದಲ್ಲಿ ಹಲವು ಸಾಹಿತಿಗಳು, ಕನ್ನಡ ಪರ ಹೋರಾಟಗಾರರು ಭಾಗವಹಿಸಿದ್ದರು. ಕನ್ನಡ ಶಾಲೆಗಳನ್ನು ಉಳಿಸುವ ಕೆಲಸ ಆಗಬೇಕು.

ಮೈಸೂರು, ಜು.31(ಎಸ್‌ಪಿಎನ್)- ಕನ್ನಡಕ್ಕಾಗಿ ಕೈಯೆತ್ತು ನಿನ್ನ ಕೈ ಕಲ್ಪವೃಕ್ಷವಾಗುತ್ತದೆ ಎಂಬ ಕುವೆಂಪು ಅವರ ಕರೆಯಂತೆ ಇಂದು ಕನ್ನಡಕ್ಕಾಗಿ ಹೋರಾಟ ಮಾಡಿದರೆ ಪೊಲೀಸರು ಬೇಡಿ ತೊಡಿಸುತ್ತಾರೆ ಎಂದು ಹಿರಿಯ ಸಾಹಿತಿ ಬನ್ನೂರು ಕೆ.ರಾಜು ವಿಷಾದ ವ್ಯಕ್ತಪಡಿಸಿದರು. ನಗರದ ಕನ್ನಡ ಸಾಹಿತ್ಯ ಪರಿಷತ್ ಸಭಾಂಗಣದಲ್ಲಿ ಆಯೋಜಿಸಿದ್ದ ತಾಯೂರು ವಿಠಲಮೂರ್ತಿ ಅವರ ನುಡಿನಮನ ಕಾರ್ಯಕ್ರಮದಲ್ಲಿ ಮಾತನಾಡಿದರು.

ಕನ್ನಡ ಪರ ಹೋರಾಟಗಾರರ ಮೇಲೆ ಪ್ರಕರಣ ದಾಖಲಿಸುವುದು ಸರಿಯಲ್ಲ. ನಾಡು ನುಡಿಗಾಗಿ ಹೋರಾಡುವವರನ್ನು ಗೌರವಿಸಬೇಕು. ವಿಠಲಮೂರ್ತಿ ಅವರು ಕನ್ನಡ ಚಳವಳಿಗೆ ಅಪಾರ ಕೊಡುಗೆ ನೀಡಿದ್ದಾರೆ. ಅವರ ಆದರ್ಶಗಳನ್ನು ಯುವ ಪೀಳಿಗೆ ಪಾಲಿಸಬೇಕು ಎಂದು ಹೇಳಿದರು. ಕಾರ್ಯಕ್ರಮದಲ್ಲಿ ಹಲವು ಸಾಹಿತಿಗಳು, ಕನ್ನಡ ಪರ ಹೋರಾಟಗಾರರು ಭಾಗವಹಿಸಿದ್ದರು. ಕನ್ನಡ ಶಾಲೆಗಳನ್ನು ಉಳಿಸುವ ಕೆಲಸ ಆಗಬೇಕು.

ಮೈಸೂರು, ಜು.31(ಎಸ್‌ಪಿಎನ್)- ಕನ್ನಡಕ್ಕಾಗಿ ಕೈಯೆತ್ತು ನಿನ್ನ ಕೈ ಕಲ್ಪವೃಕ್ಷವಾಗುತ್ತದೆ ಎಂಬ ಕುವೆಂಪು ಅವರ ಕರೆಯಂತೆ ಇಂದು ಕನ್ನಡಕ್ಕಾಗಿ ಹೋರಾಟ ಮಾಡಿದರೆ ಪೊಲೀಸರು ಬೇಡಿ ತೊಡಿಸುತ್ತಾರೆ ಎಂದು ಹಿರಿಯ ಸಾಹಿತಿ ಬನ್ನೂರು ಕೆ.ರಾಜು ವಿಷಾದ ವ್ಯಕ್ತಪಡಿಸಿದರು. ನಗರದ ಕನ್ನಡ ಸಾಹಿತ್ಯ ಪರಿಷತ್ ಸಭಾಂಗಣದಲ್ಲಿ ಆಯೋಜಿಸಿದ್ದ ತಾಯೂರು ವಿಠಲಮೂರ್ತಿ ಅವರ ನುಡಿನಮನ ಕಾರ್ಯಕ್ರಮದಲ್ಲಿ ಮಾತನಾಡಿದರು.

MEGAVIN
Vascular Care
ARE YOU SUFFERING FROM
Varicose Veins
Pain in the legs
Cramps / Swelling
Skin Discolouration
Leg wounds / Ulcers
Vascular Veins treatment without SURGERY in MYSURU
Every Friday
10:00 am to 2:00 pm
7314599869	Dr. Vinay Nyapathy
Clinical & Vascular Interventional Radiologist
RAMA KRISHNA HOSPITAL
LAXMIBAI ROAD, VIDYARANYAPURAM, MYSURU
ನಗರಸಭಾ ಕಾರ್ಯಾಲಯ, ಹುಣಸೂರು, ಮೈಸೂರು ಜಿಲ್ಲೆ - 571105
ದೂರವಾಣಿ : 08222-252048, E-mail: itsaff_ulb_hunsur@yahoo.co.in
ಸಂಖ್ಯೆ:ನಸಹು/ಕಾಮಗಾರಿ/ಟೆಂಡರ್-07/2024-25	ದಿನಾಂಕ : 25.07.2024
ಟೆಂಡರ್ ಪ್ರಕಟಣೆ ಕರೆ-2 (ಕೆ.ಪಿ.ಪಿ ಪೋರ್ಟಲ್ ಮುಖಾಂತರ)
ಹುಣಸೂರು ನಗರಸಭೆ ವ್ಯಾಪ್ತಿಯಲ್ಲಿ 2024-25ನೇ ಸಾಲಿನ 15ನೇ ಹಣಕಾಸು ಯೋಜನೆಯ ಅನುದಾನದಡಿ ಕೈಗೊಳ್ಳಲಿರುವ ಕಾಮಗಾರಿಗಳಿಗೆ ಅರ್ಹ ಗುತ್ತಿಗೆದಾರರಿಂದ ಇ-ಪ್ರೊಕ್ಯೂರ್‌ಮೆಂಟ್ ಮುಖಾಂತರ ಟೆಂಡರ್ ಆಹ್ವಾನಿಸಲಾಗಿದೆ. ಟೆಂಡರ್ ದಾಖಲೆಗಳನ್ನು https://kppp.karnataka.gov.in ವೆಬ್‌ಸೈಟ್‌ನಲ್ಲಿ ಪಡೆಯಬಹುದು. ಬಿಡ್ ಸಲ್ಲಿಸಲು ಕೊನೆಯ ದಿನಾಂಕ: 09.08.2024 ಸಂಜೆ 4.00 ಗಂಟೆ. ತಾಂತ್ರಿಕ ಬಿಡ್ ತೆರೆಯುವ ದಿನಾಂಕ: 12.08.2024. ಹೆಚ್ಚಿನ ಮಾಹಿತಿಗಾಗಿ ಕಚೇರಿ ವೇಳೆಯಲ್ಲಿ ಸಂಪರ್ಕಿಸಬಹುದು.
ಕ್ರ.ಸಂ	ಕಾಮಗಾರಿಯ ಇಂಡೆಂಟ್ ವಿವರ	ಅಂದಾಜು ಮೊತ್ತ (ರೂ. ಲಕ್ಷಗಳಲ್ಲಿ)	ಇ.ಎಂ.ಡಿ (ರೂಗಳಲ್ಲಿ)	ಮುಕ್ತಾಯ
1	DMA/2024-25/OW/WORK_INDENT19270/CALL-2	9.84	24600/-	ಅವಧಿ
2	DMA/2024-25/OW/WORK_INDENT19275/CALL-2	20.00	25000/-	ಅವಧಿ
3	DMA/2024-25/OW/WORK_INDENT19276/CALL-2	14.75	36875/-	ಅವಧಿ
4	DMA/2024-25/OW/WORK_INDENT19280/CALL-2	6.15	7700/-	ಅವಧಿ
ಸಹಿ/- ಆಡಳಿತಾಧಿಕಾರಿಗಳು ಹಾಗೂ ಮಾನ್ಯ ಜಿಲ್ಲಾಧಿಕಾರಿಗಳು ಮೈಸೂರು ಜಿಲ್ಲೆ, ಮೈಸೂರು
ಸಹಿ/- ಪೌರಾಯುಕ್ತರು, ನಗರಸಭೆ, ಹುಣಸೂರು
